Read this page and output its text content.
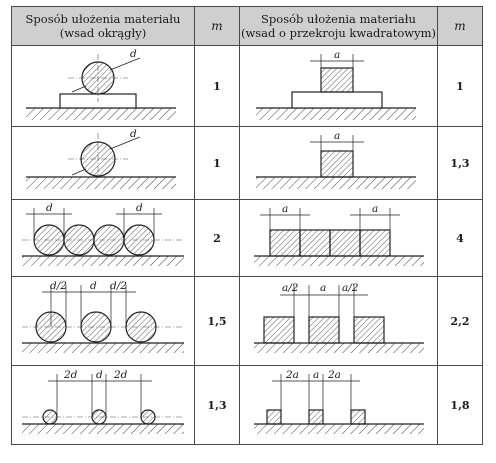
Sposób ułożenia materiału
(wsad okrągły)	m	Sposób ułożenia materiału
(wsad o przekroju kwadratowym)	m

d	1	a	1

d	1	a	1,3

d d	2	a a	4

d/2 d d/2	1,5	a/2 a a/2	2,2

2d d 2d	1,3	2a a 2a	1,8
